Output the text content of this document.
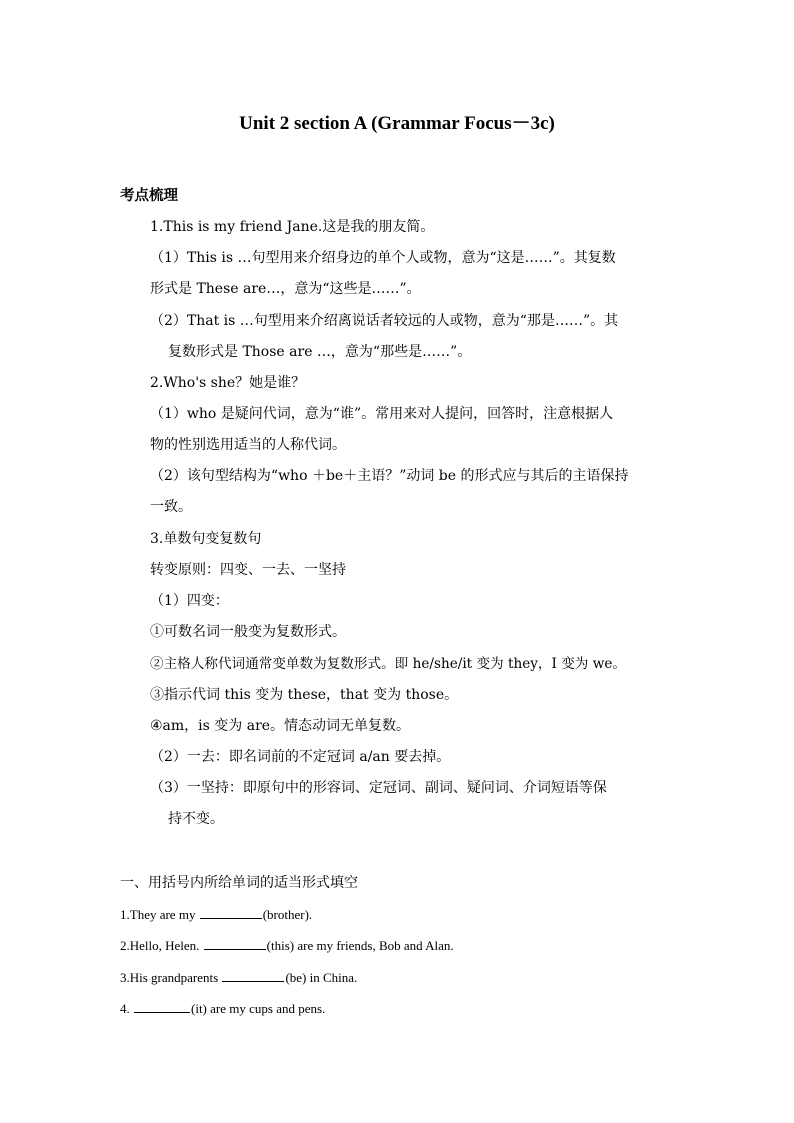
Unit 2 section A (Grammar Focus－3c)
考点梳理
1.This is my friend Jane.这是我的朋友简。
（1）This is …句型用来介绍身边的单个人或物，意为“这是……”。其复数
形式是 These are…，意为“这些是……”。
（2）That is …句型用来介绍离说话者较远的人或物，意为“那是……”。其
复数形式是 Those are …，意为“那些是……”。
2.Who's she？她是谁？
（1）who 是疑问代词，意为“谁”。常用来对人提问，回答时，注意根据人
物的性别选用适当的人称代词。
（2）该句型结构为“who ＋be＋主语？”动词 be 的形式应与其后的主语保持
一致。
3.单数句变复数句
转变原则：四变、一去、一坚持
（1）四变：
①可数名词一般变为复数形式。
②主格人称代词通常变单数为复数形式。即 he/she/it 变为 they，I 变为 we。
③指示代词 this 变为 these，that 变为 those。
④am，is 变为 are。情态动词无单复数。
（2）一去：即名词前的不定冠词 a/an 要去掉。
（3）一坚持：即原句中的形容词、定冠词、副词、疑问词、介词短语等保
持不变。
一、用括号内所给单词的适当形式填空
1.They are my	(brother).
2.Hello, Helen.	(this) are my friends, Bob and Alan.
3.His grandparents	(be) in China.
4.	(it) are my cups and pens.
